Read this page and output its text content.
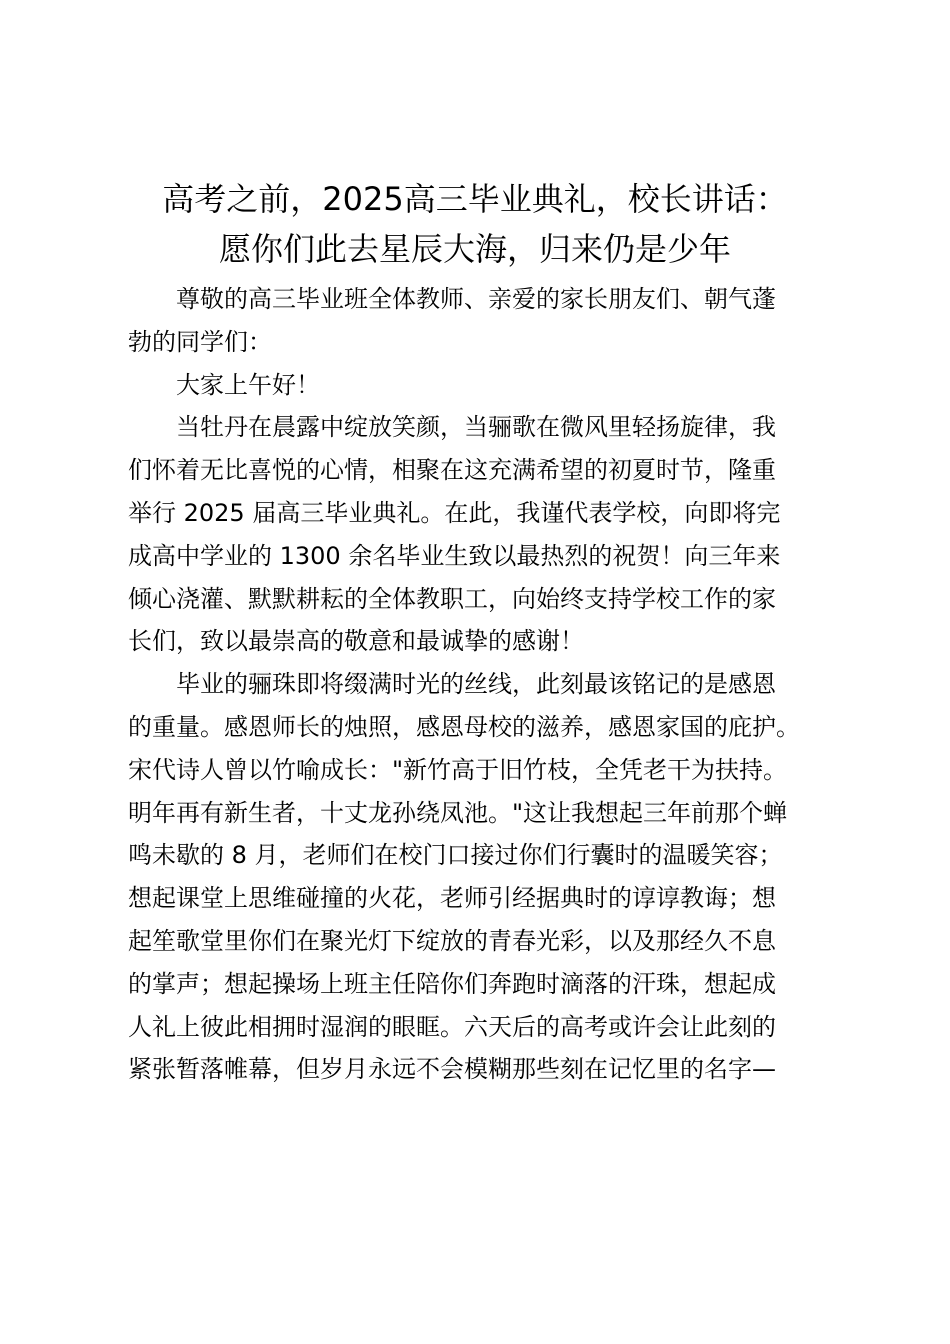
高考之前，2025高三毕业典礼，校长讲话：
愿你们此去星辰大海，归来仍是少年

尊敬的高三毕业班全体教师、亲爱的家长朋友们、朝气蓬
勃的同学们：

大家上午好！

当牡丹在晨露中绽放笑颜，当骊歌在微风里轻扬旋律，我
们怀着无比喜悦的心情，相聚在这充满希望的初夏时节，隆重
举行 2025 届高三毕业典礼。在此，我谨代表学校，向即将完
成高中学业的 1300 余名毕业生致以最热烈的祝贺！向三年来
倾心浇灌、默默耕耘的全体教职工，向始终支持学校工作的家
长们，致以最崇高的敬意和最诚挚的感谢！

毕业的骊珠即将缀满时光的丝线，此刻最该铭记的是感恩
的重量。感恩师长的烛照，感恩母校的滋养，感恩家国的庇护。
宋代诗人曾以竹喻成长："新竹高于旧竹枝，全凭老干为扶持。
明年再有新生者，十丈龙孙绕凤池。"这让我想起三年前那个蝉
鸣未歇的 8 月，老师们在校门口接过你们行囊时的温暖笑容；
想起课堂上思维碰撞的火花，老师引经据典时的谆谆教诲；想
起笙歌堂里你们在聚光灯下绽放的青春光彩，以及那经久不息
的掌声；想起操场上班主任陪你们奔跑时滴落的汗珠，想起成
人礼上彼此相拥时湿润的眼眶。六天后的高考或许会让此刻的
紧张暂落帷幕，但岁月永远不会模糊那些刻在记忆里的名字—
